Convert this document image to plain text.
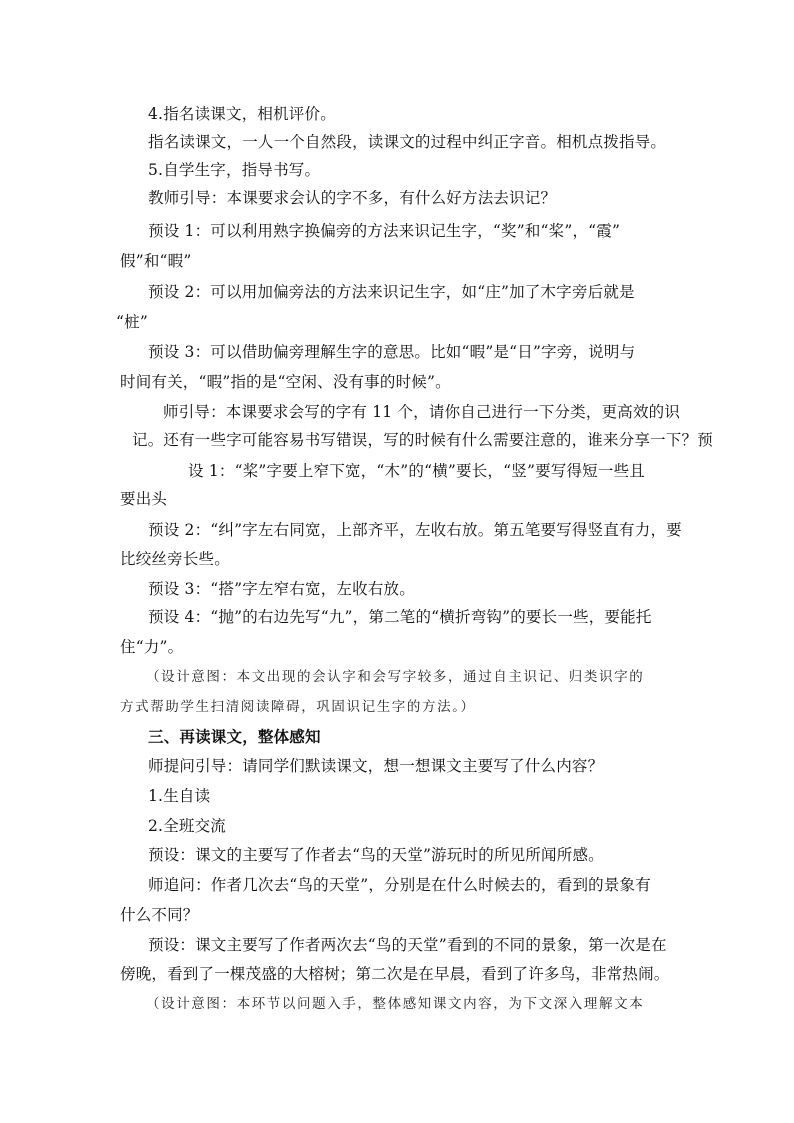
4.指名读课文，相机评价。
指名读课文，一人一个自然段，读课文的过程中纠正字音。相机点拨指导。
5.自学生字，指导书写。
教师引导：本课要求会认的字不多，有什么好方法去识记？
预设 1：可以利用熟字换偏旁的方法来识记生字，“奖”和“桨”，“霞”
假”和“暇”
预设 2：可以用加偏旁法的方法来识记生字，如“庄”加了木字旁后就是
“桩”
预设 3：可以借助偏旁理解生字的意思。比如“暇”是“日”字旁，说明与
时间有关，“暇”指的是“空闲、没有事的时候”。
师引导：本课要求会写的字有 11 个，请你自己进行一下分类，更高效的识
记。还有一些字可能容易书写错误，写的时候有什么需要注意的，谁来分享一下？预
设 1：“桨”字要上窄下宽，“木”的“横”要长，“竖”要写得短一些且
要出头
预设 2：“纠”字左右同宽，上部齐平，左收右放。第五笔要写得竖直有力，要
比绞丝旁长些。
预设 3：“搭”字左窄右宽，左收右放。
预设 4：“抛”的右边先写“九”，第二笔的“横折弯钩”的要长一些，要能托
住“力”。
（设计意图：本文出现的会认字和会写字较多，通过自主识记、归类识字的
方式帮助学生扫清阅读障碍，巩固识记生字的方法。）
三、再读课文，整体感知
师提问引导：请同学们默读课文，想一想课文主要写了什么内容？
1.生自读
2.全班交流
预设：课文的主要写了作者去“鸟的天堂”游玩时的所见所闻所感。
师追问：作者几次去“鸟的天堂”，分别是在什么时候去的，看到的景象有
什么不同？
预设：课文主要写了作者两次去“鸟的天堂”看到的不同的景象，第一次是在
傍晚，看到了一棵茂盛的大榕树；第二次是在早晨，看到了许多鸟，非常热闹。
（设计意图：本环节以问题入手，整体感知课文内容，为下文深入理解文本
